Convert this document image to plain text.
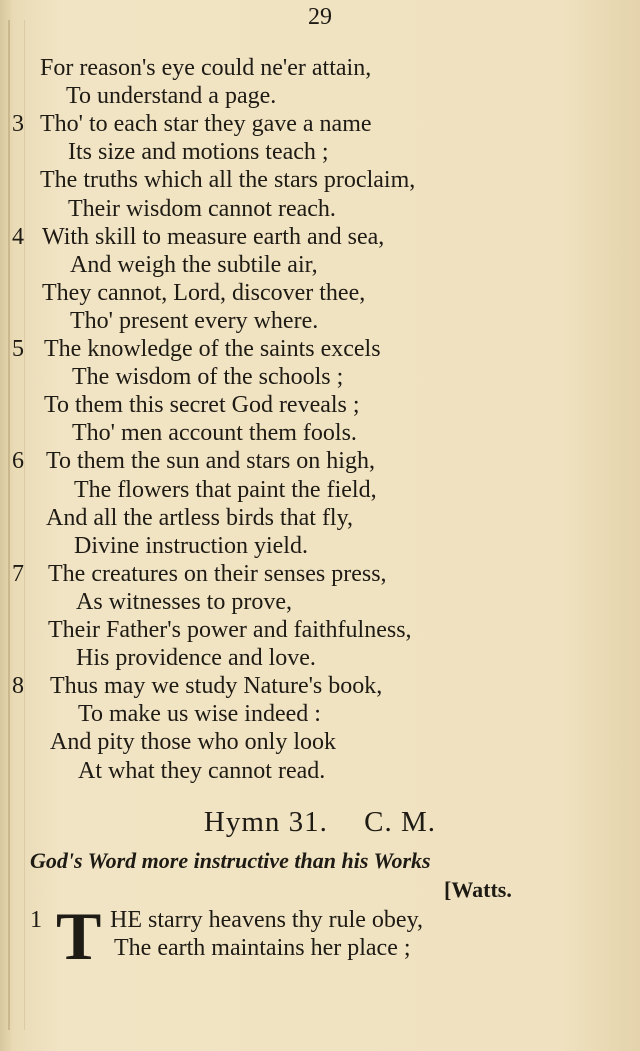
29
For reason's eye could ne'er attain,
To understand a page.
3 Tho' to each star they gave a name
Its size and motions teach ;
The truths which all the stars proclaim,
Their wisdom cannot reach.
4 With skill to measure earth and sea,
And weigh the subtile air,
They cannot, Lord, discover thee,
Tho' present every where.
5 The knowledge of the saints excels
The wisdom of the schools ;
To them this secret God reveals ;
Tho' men account them fools.
6 To them the sun and stars on high,
The flowers that paint the field,
And all the artless birds that fly,
Divine instruction yield.
7 The creatures on their senses press,
As witnesses to prove,
Their Father's power and faithfulness,
His providence and love.
8 Thus may we study Nature's book,
To make us wise indeed :
And pity those who only look
At what they cannot read.
Hymn 31. C. M.
God's Word more instructive than his Works
[Watts.
1 T HE starry heavens thy rule obey,
The earth maintains her place ;
